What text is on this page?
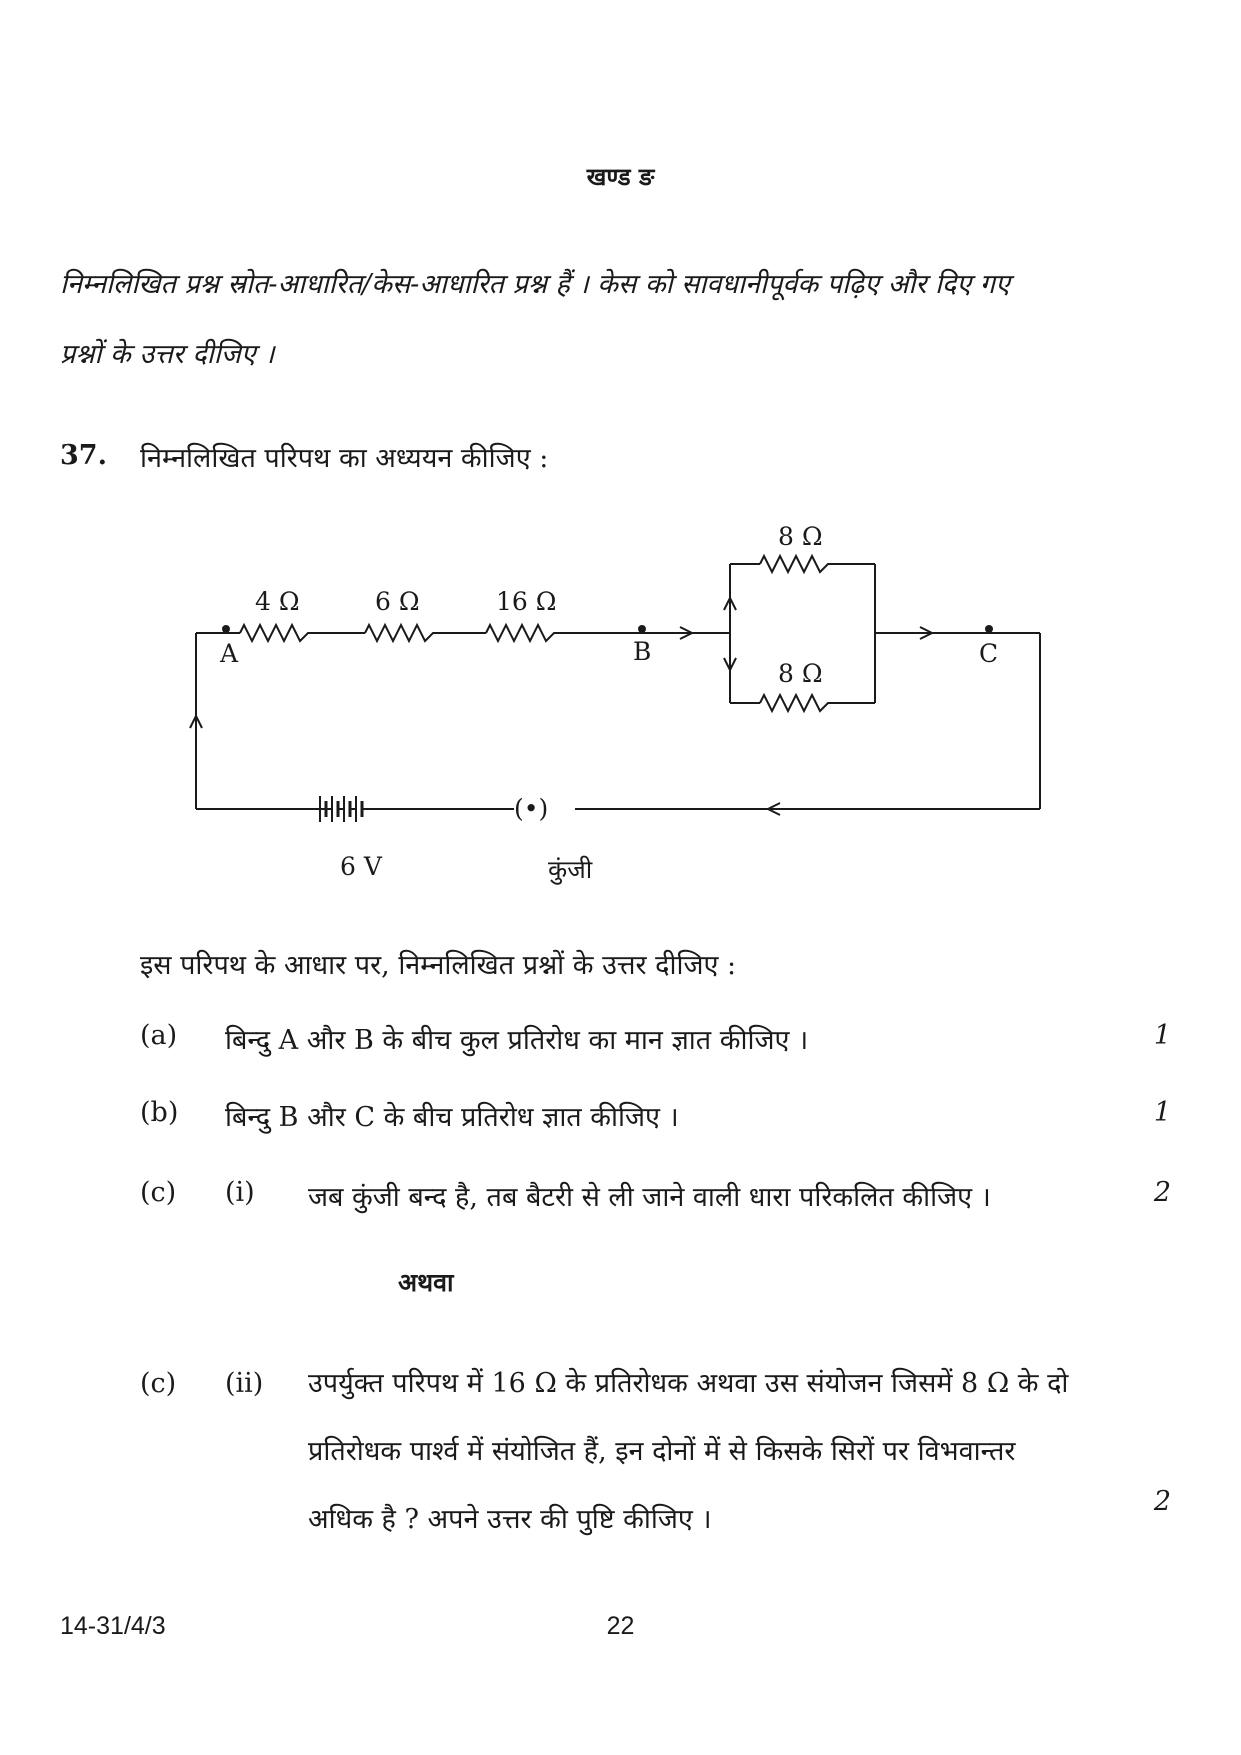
खण्ड ङ

निम्नलिखित प्रश्न स्रोत-आधारित/केस-आधारित प्रश्न हैं । केस को सावधानीपूर्वक पढ़िए और दिए गए

प्रश्नों के उत्तर दीजिए ।

37. निम्नलिखित परिपथ का अध्ययन कीजिए :
4 Ω	6 Ω	16 Ω
8 Ω
8 Ω
A	B	C
(•)
6 V	कुंजी
इस परिपथ के आधार पर, निम्नलिखित प्रश्नों के उत्तर दीजिए :
(a) बिन्दु A और B के बीच कुल प्रतिरोध का मान ज्ञात कीजिए ।	1
(b) बिन्दु B और C के बीच प्रतिरोध ज्ञात कीजिए ।	1
(c) (i) जब कुंजी बन्द है, तब बैटरी से ली जाने वाली धारा परिकलित कीजिए ।	2
अथवा
(c) (ii) उपर्युक्त परिपथ में 16 Ω के प्रतिरोधक अथवा उस संयोजन जिसमें 8 Ω के दो

प्रतिरोधक पार्श्व में संयोजित हैं, इन दोनों में से किसके सिरों पर विभवान्तर

अधिक है ? अपने उत्तर की पुष्टि कीजिए ।

2
14-31/4/3	22
